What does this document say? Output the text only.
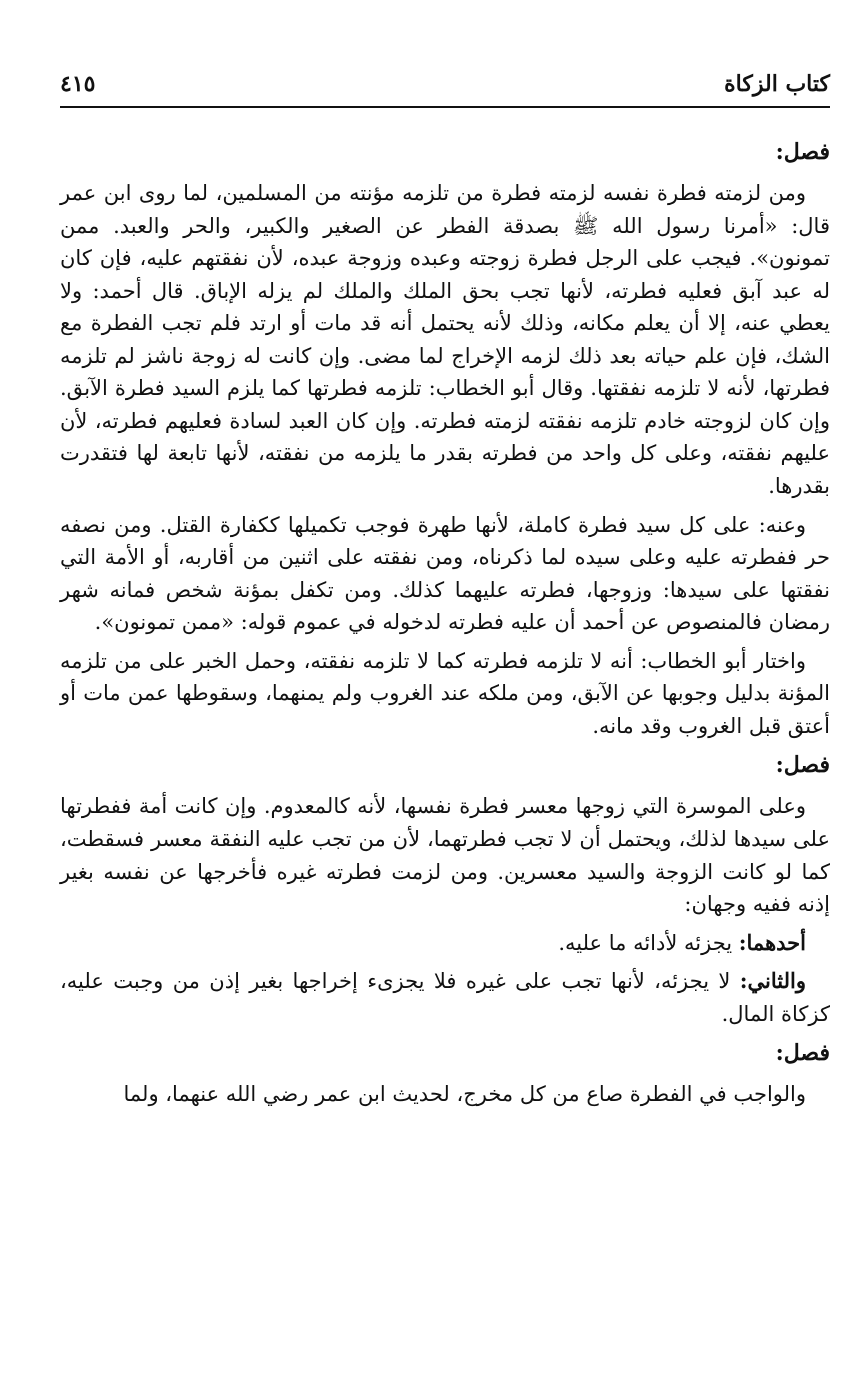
كتاب الزكاة
٤١٥
فصل:

ومن لزمته فطرة نفسه لزمته فطرة من تلزمه مؤنته من المسلمين، لما روى ابن عمر قال: «أمرنا رسول الله ﷺ بصدقة الفطر عن الصغير والكبير، والحر والعبد. ممن تمونون». فيجب على الرجل فطرة زوجته وعبده وزوجة عبده، لأن نفقتهم عليه، فإن كان له عبد آبق فعليه فطرته، لأنها تجب بحق الملك والملك لم يزله الإباق. قال أحمد: ولا يعطي عنه، إلا أن يعلم مكانه، وذلك لأنه يحتمل أنه قد مات أو ارتد فلم تجب الفطرة مع الشك، فإن علم حياته بعد ذلك لزمه الإخراج لما مضى. وإن كانت له زوجة ناشز لم تلزمه فطرتها، لأنه لا تلزمه نفقتها. وقال أبو الخطاب: تلزمه فطرتها كما يلزم السيد فطرة الآبق. وإن كان لزوجته خادم تلزمه نفقته لزمته فطرته. وإن كان العبد لسادة فعليهم فطرته، لأن عليهم نفقته، وعلى كل واحد من فطرته بقدر ما يلزمه من نفقته، لأنها تابعة لها فتقدرت بقدرها.

وعنه: على كل سيد فطرة كاملة، لأنها طهرة فوجب تكميلها ككفارة القتل. ومن نصفه حر ففطرته عليه وعلى سيده لما ذكرناه، ومن نفقته على اثنين من أقاربه، أو الأمة التي نفقتها على سيدها: وزوجها، فطرته عليهما كذلك. ومن تكفل بمؤنة شخص فمانه شهر رمضان فالمنصوص عن أحمد أن عليه فطرته لدخوله في عموم قوله: «ممن تمونون».

واختار أبو الخطاب: أنه لا تلزمه فطرته كما لا تلزمه نفقته، وحمل الخبر على من تلزمه المؤنة بدليل وجوبها عن الآبق، ومن ملكه عند الغروب ولم يمنهما، وسقوطها عمن مات أو أعتق قبل الغروب وقد مانه.

فصل:

وعلى الموسرة التي زوجها معسر فطرة نفسها، لأنه كالمعدوم. وإن كانت أمة ففطرتها على سيدها لذلك، ويحتمل أن لا تجب فطرتهما، لأن من تجب عليه النفقة معسر فسقطت، كما لو كانت الزوجة والسيد معسرين. ومن لزمت فطرته غيره فأخرجها عن نفسه بغير إذنه ففيه وجهان:

أحدهما: يجزئه لأدائه ما عليه.

والثاني: لا يجزئه، لأنها تجب على غيره فلا يجزىء إخراجها بغير إذن من وجبت عليه، كزكاة المال.

فصل:

والواجب في الفطرة صاع من كل مخرج، لحديث ابن عمر رضي الله عنهما، ولما
